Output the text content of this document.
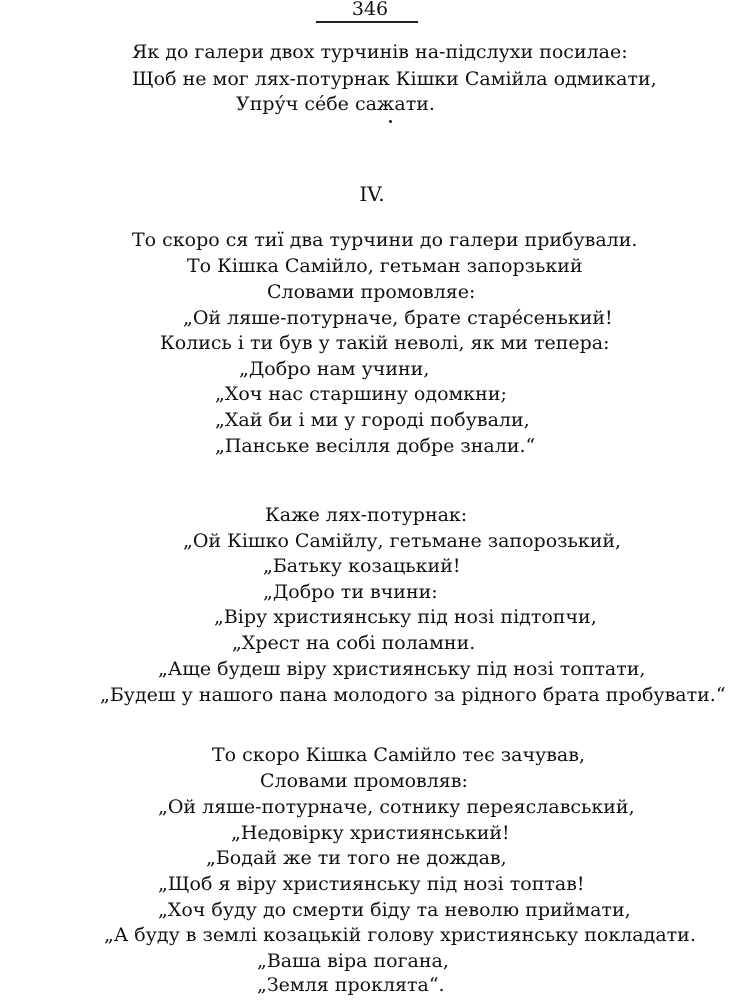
346
Як до галери двох турчинів на-підслухи посилае:
Щоб не мог лях-потурнак Кішки Самійла одмикати,
Упру́ч се́бе сажати.
IV.
То скоро ся тиї два турчини до галери прибували.
То Кішка Самійло, гетьман запорзький
Словами промовляе:
„Ой ляше-потурначе, брате старе́сенький!
Колись і ти був у такій неволі, як ми тепера:
„Добро нам учини,
„Хоч нас старшину одомкни;
„Хай би і ми у городі побували,
„Панське весілля добре знали.“
Каже лях-потурнак:
„Ой Кішко Самійлу, гетьмане запорозький,
„Батьку козацький!
„Добро ти вчини:
„Віру християнську під нозі підтопчи,
„Хрест на собі поламни.
„Аще будеш віру християнську під нозі топтати,
„Будеш у нашого пана молодого за рідного брата пробувати.“
То скоро Кішка Самійло теє зачував,
Словами промовляв:
„Ой ляше-потурначе, сотнику переяславський,
„Недовірку християнський!
„Бодай же ти того не дождав,
„Щоб я віру християнську під нозі топтав!
„Хоч буду до смерти біду та неволю приймати,
„А буду в землі козацькій голову християнську покладати.
„Ваша віра погана,
„Земля проклята“.
